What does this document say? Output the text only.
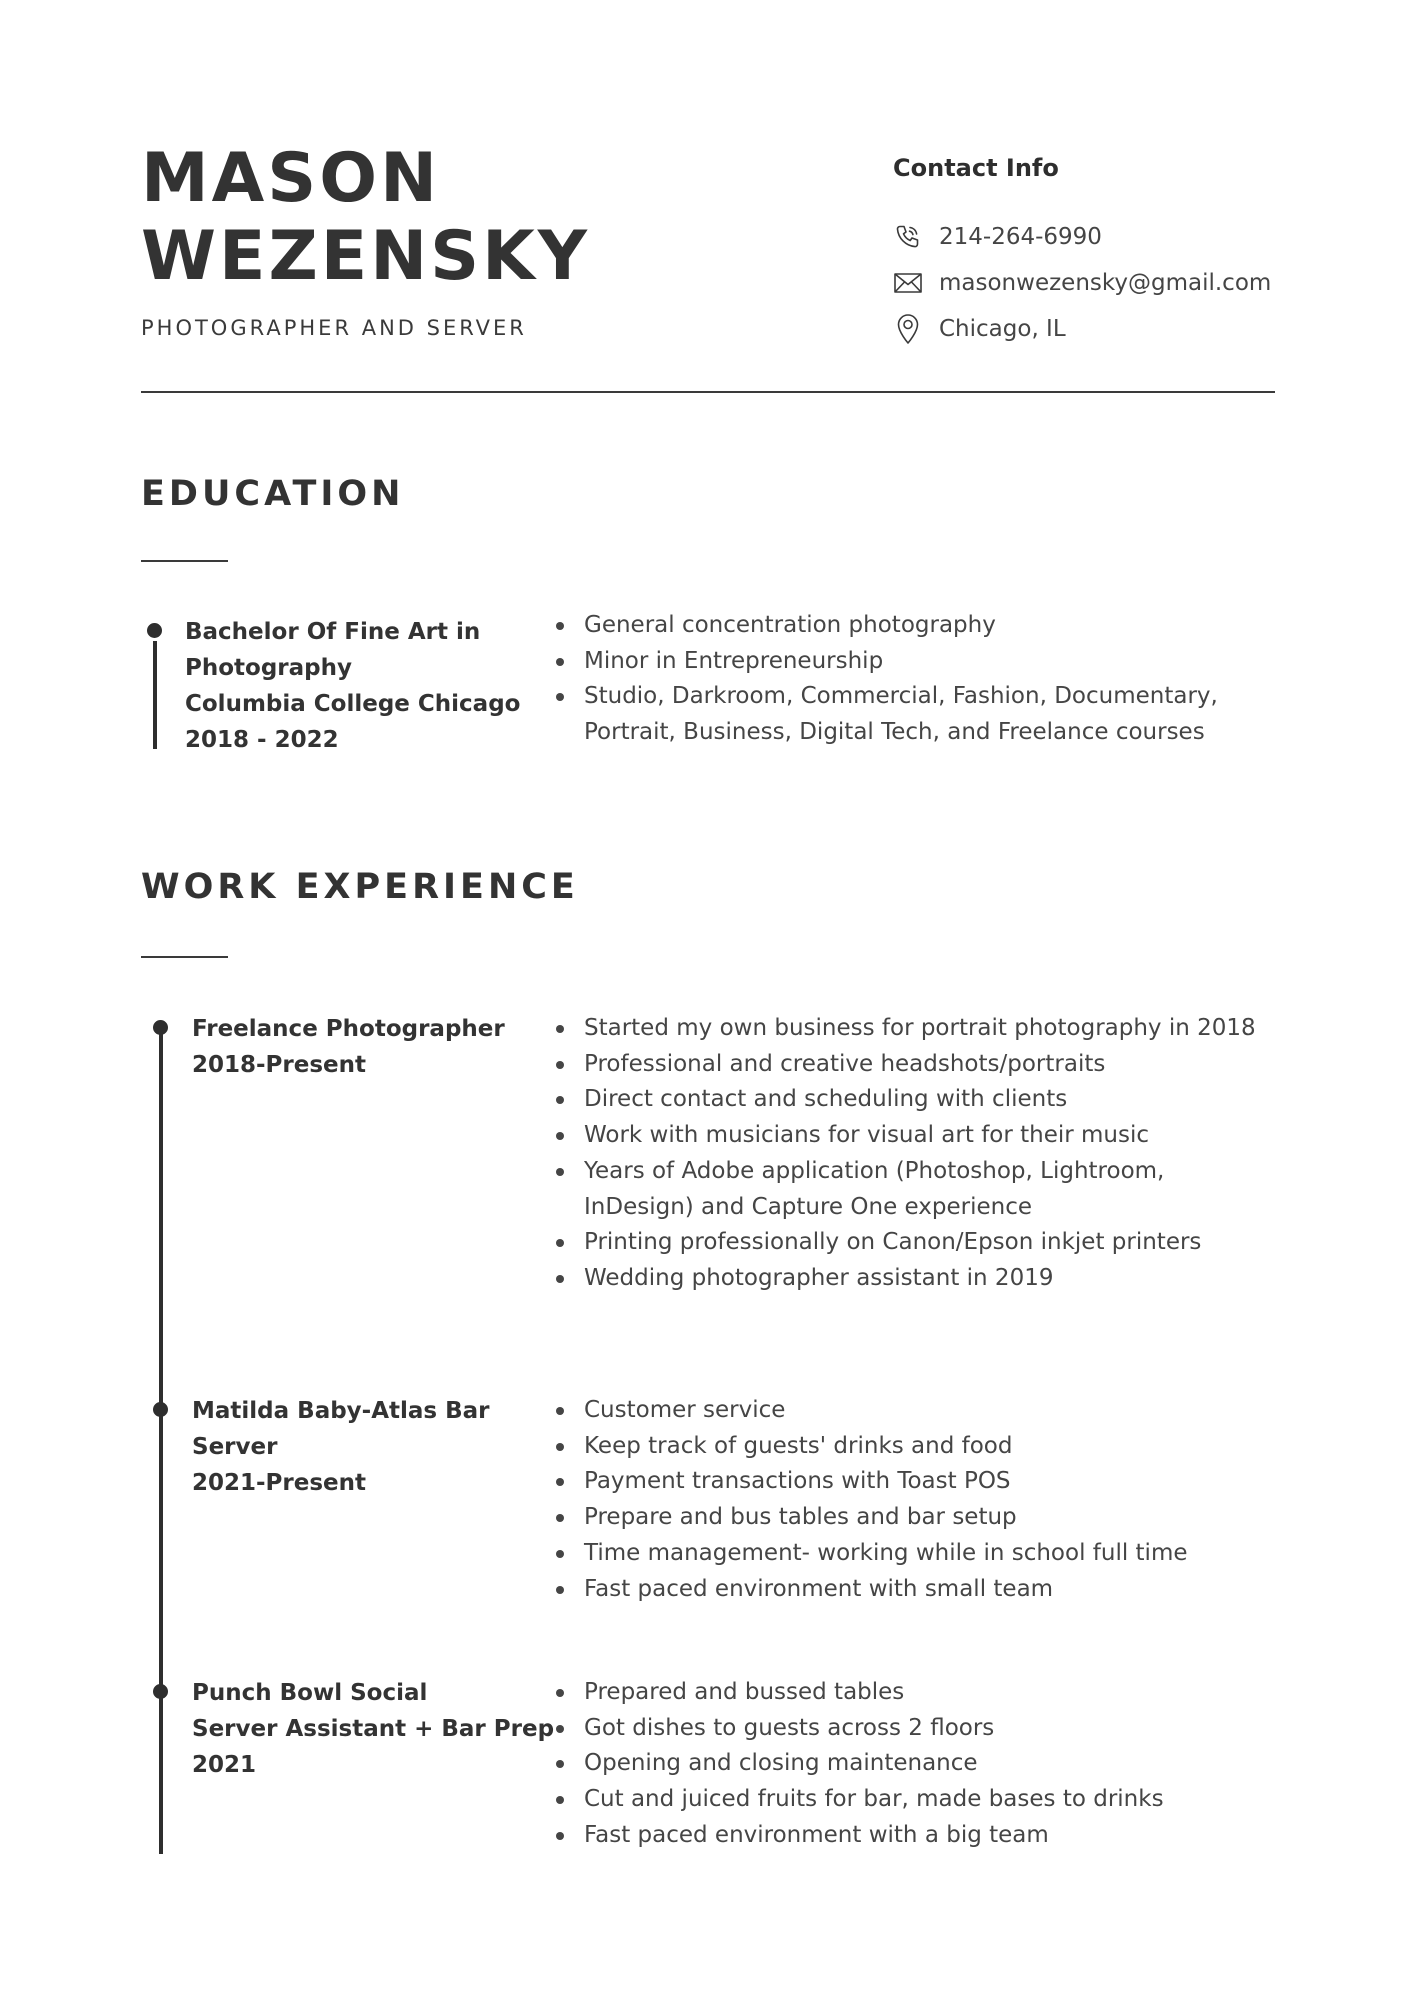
MASON
WEZENSKY
PHOTOGRAPHER AND SERVER
Contact Info
214-264-6990
masonwezensky@gmail.com
Chicago, IL
EDUCATION
Bachelor Of Fine Art in
Photography
Columbia College Chicago
2018 - 2022
General concentration photography
Minor in Entrepreneurship
Studio, Darkroom, Commercial, Fashion, Documentary, Portrait, Business, Digital Tech, and Freelance courses
WORK EXPERIENCE
Freelance Photographer
2018-Present
Started my own business for portrait photography in 2018
Professional and creative headshots/portraits
Direct contact and scheduling with clients
Work with musicians for visual art for their music
Years of Adobe application (Photoshop, Lightroom, InDesign) and Capture One experience
Printing professionally on Canon/Epson inkjet printers
Wedding photographer assistant in 2019
Matilda Baby-Atlas Bar
Server
2021-Present
Customer service
Keep track of guests' drinks and food
Payment transactions with Toast POS
Prepare and bus tables and bar setup
Time management- working while in school full time
Fast paced environment with small team
Punch Bowl Social
Server Assistant + Bar Prep
2021
Prepared and bussed tables
Got dishes to guests across 2 floors
Opening and closing maintenance
Cut and juiced fruits for bar, made bases to drinks
Fast paced environment with a big team
